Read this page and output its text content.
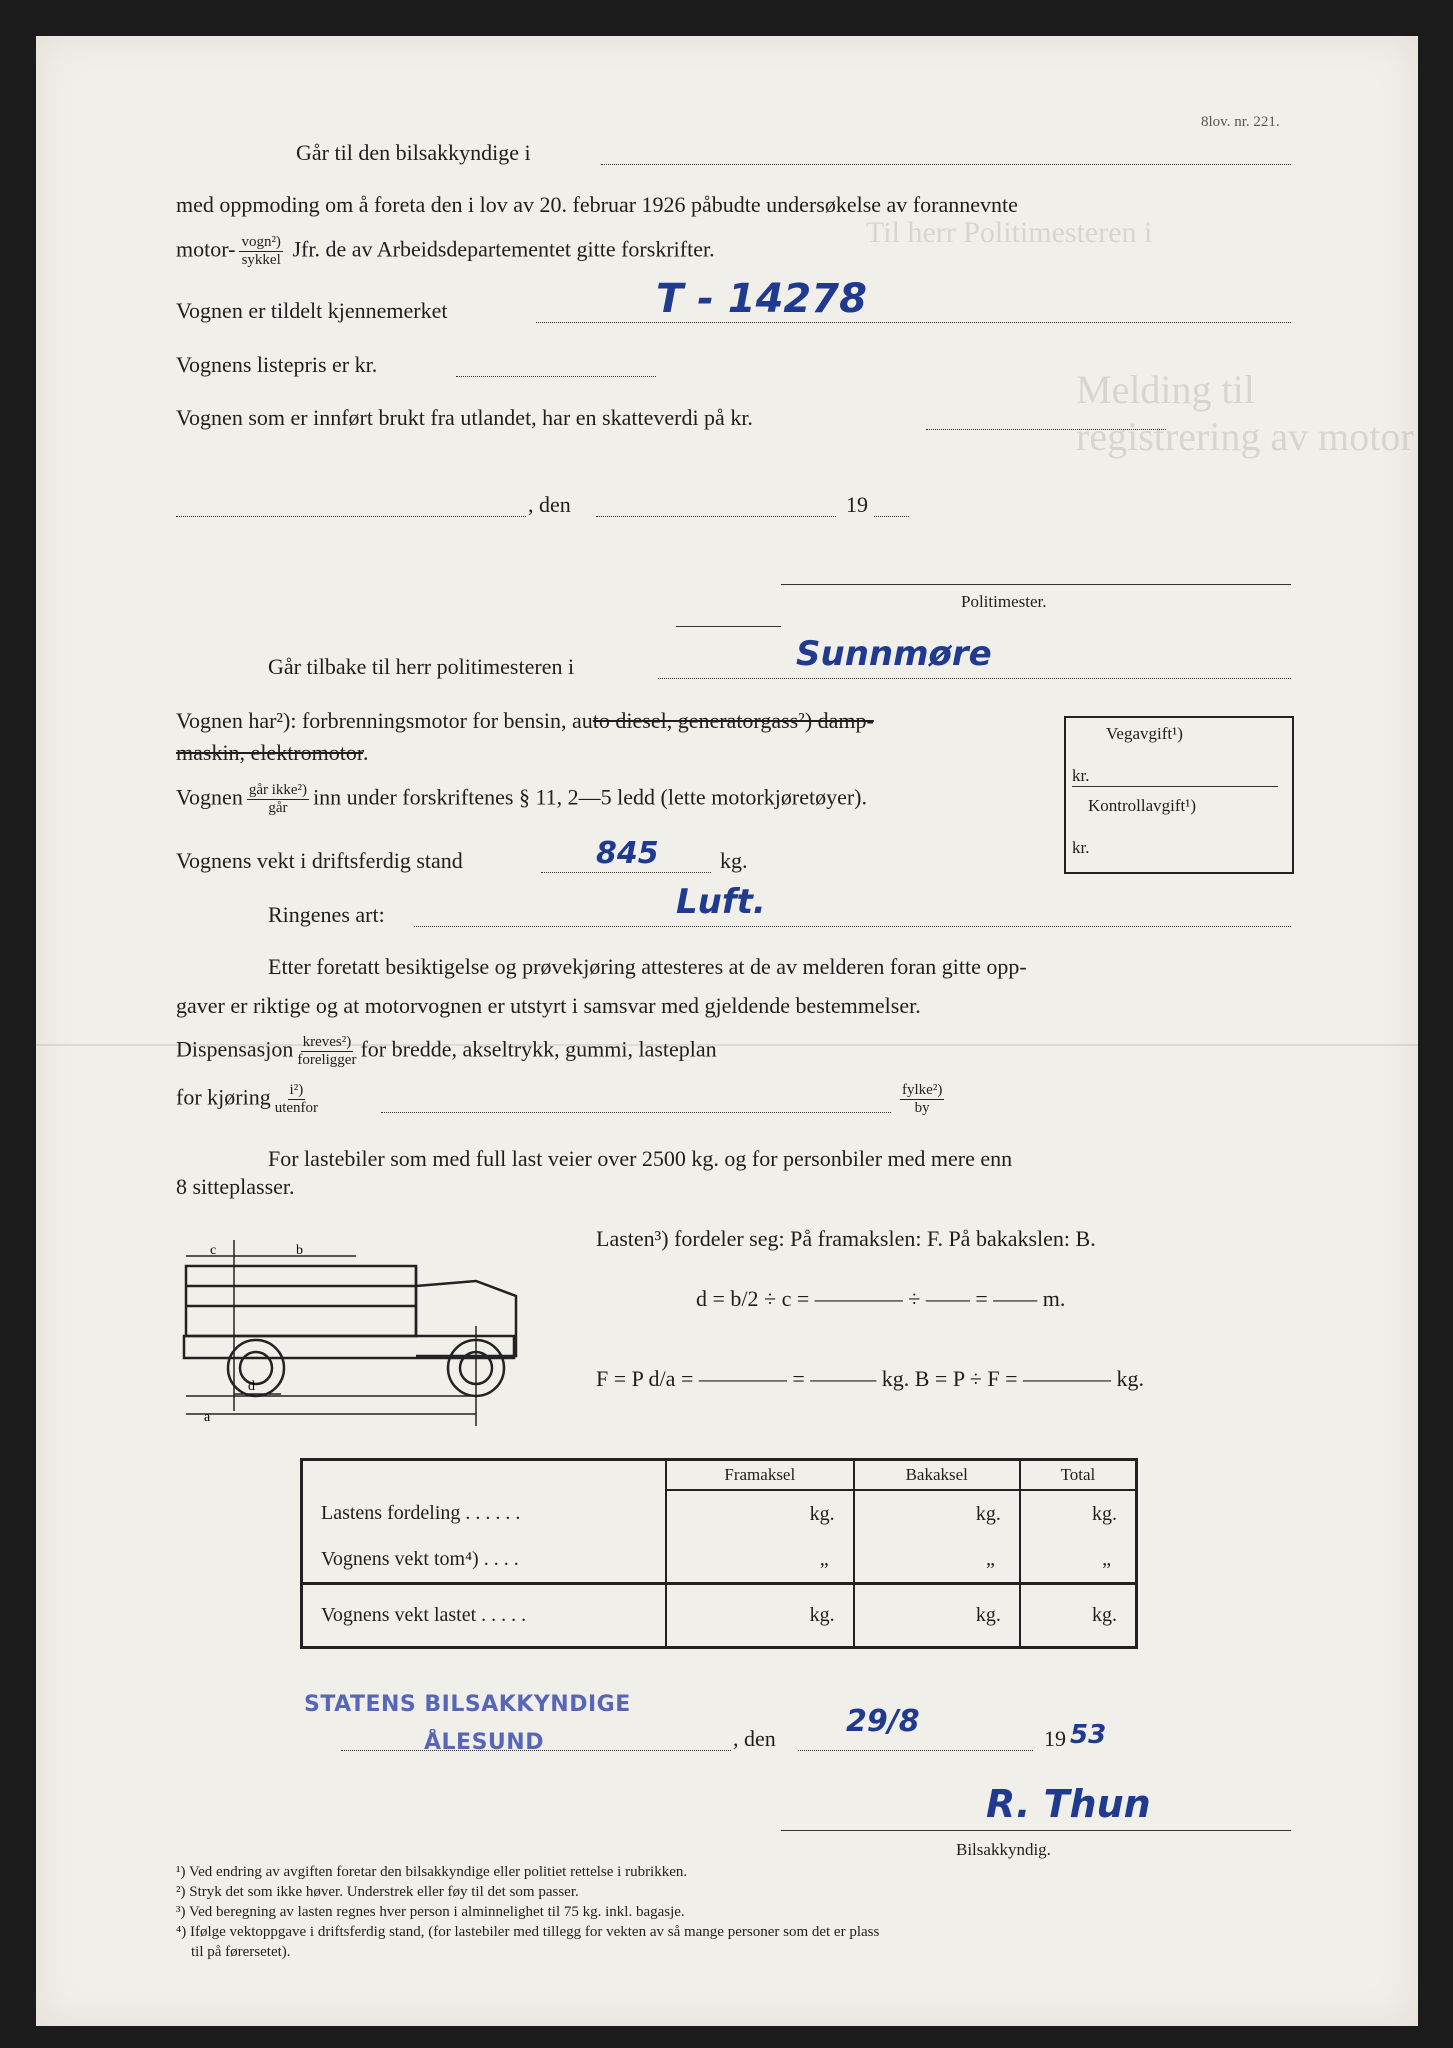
Melding til registrering av motor
Til herr Politimesteren i
8lov. nr. 221.
Går til den bilsakkyndige i
med oppmoding om å foreta den i lov av 20. februar 1926 påbudte undersøkelse av forannevnte
motor- $\frac{\text{vogn²)}}{\text{sykkel}}$ Jfr. de av Arbeidsdepartementet gitte forskrifter.
Vognen er tildelt kjennemerket	T - 14278
Vognens listepris er kr.
Vognen som er innført brukt fra utlandet, har en skatteverdi på kr.
, den	19
Politimester.
Går tilbake til herr politimesteren i	Sunnmøre
Vognen har²): forbrenningsmotor for bensin, auto diesel, generatorgass²) damp-
maskin, elektromotor.
Vegavgift¹)
kr.
Kontrollavgift¹)
kr.
Vognen $\frac{\text{går ikke²)}}{\text{går}}$ inn under forskriftenes § 11, 2—5 ledd (lette motorkjøretøyer).
Vognens vekt i driftsferdig stand	845	kg.
Ringenes art:	Luft.
Etter foretatt besiktigelse og prøvekjøring attesteres at de av melderen foran gitte opp-
gaver er riktige og at motorvognen er utstyrt i samsvar med gjeldende bestemmelser.
Dispensasjon $\frac{\text{kreves²)}}{\text{foreligger}}$ for bredde, akseltrykk, gummi, lasteplan
for kjøring $\frac{\text{i²)}}{\text{utenfor}}$	$\frac{\text{fylke²)}}{by}$
For lastebiler som med full last veier over 2500 kg. og for personbiler med mere enn
8 sitteplasser.
Lasten³) fordeler seg: På framakslen: F. På bakakslen: B.
d = b/2 ÷ c = ———— ÷ —— = —— m.
F = P d/a = ———— = ——— kg. B = P ÷ F = ———— kg.
a
b
c
d
	Framaksel	Bakaksel	Total
Lastens fordeling . . . . . .	kg.	kg.	kg.
Vognens vekt tom⁴) . . . .	„	„	„
Vognens vekt lastet . . . . .	kg.	kg.	kg.
STATENS BILSAKKYNDIGE
ÅLESUND	, den 29/8	19 53
R. Thun
Bilsakkyndig.
¹) Ved endring av avgiften foretar den bilsakkyndige eller politiet rettelse i rubrikken.
²) Stryk det som ikke høver. Understrek eller føy til det som passer.
³) Ved beregning av lasten regnes hver person i alminnelighet til 75 kg. inkl. bagasje.
⁴) Ifølge vektoppgave i driftsferdig stand, (for lastebiler med tillegg for vekten av så mange personer som det er plass
til på førersetet).
